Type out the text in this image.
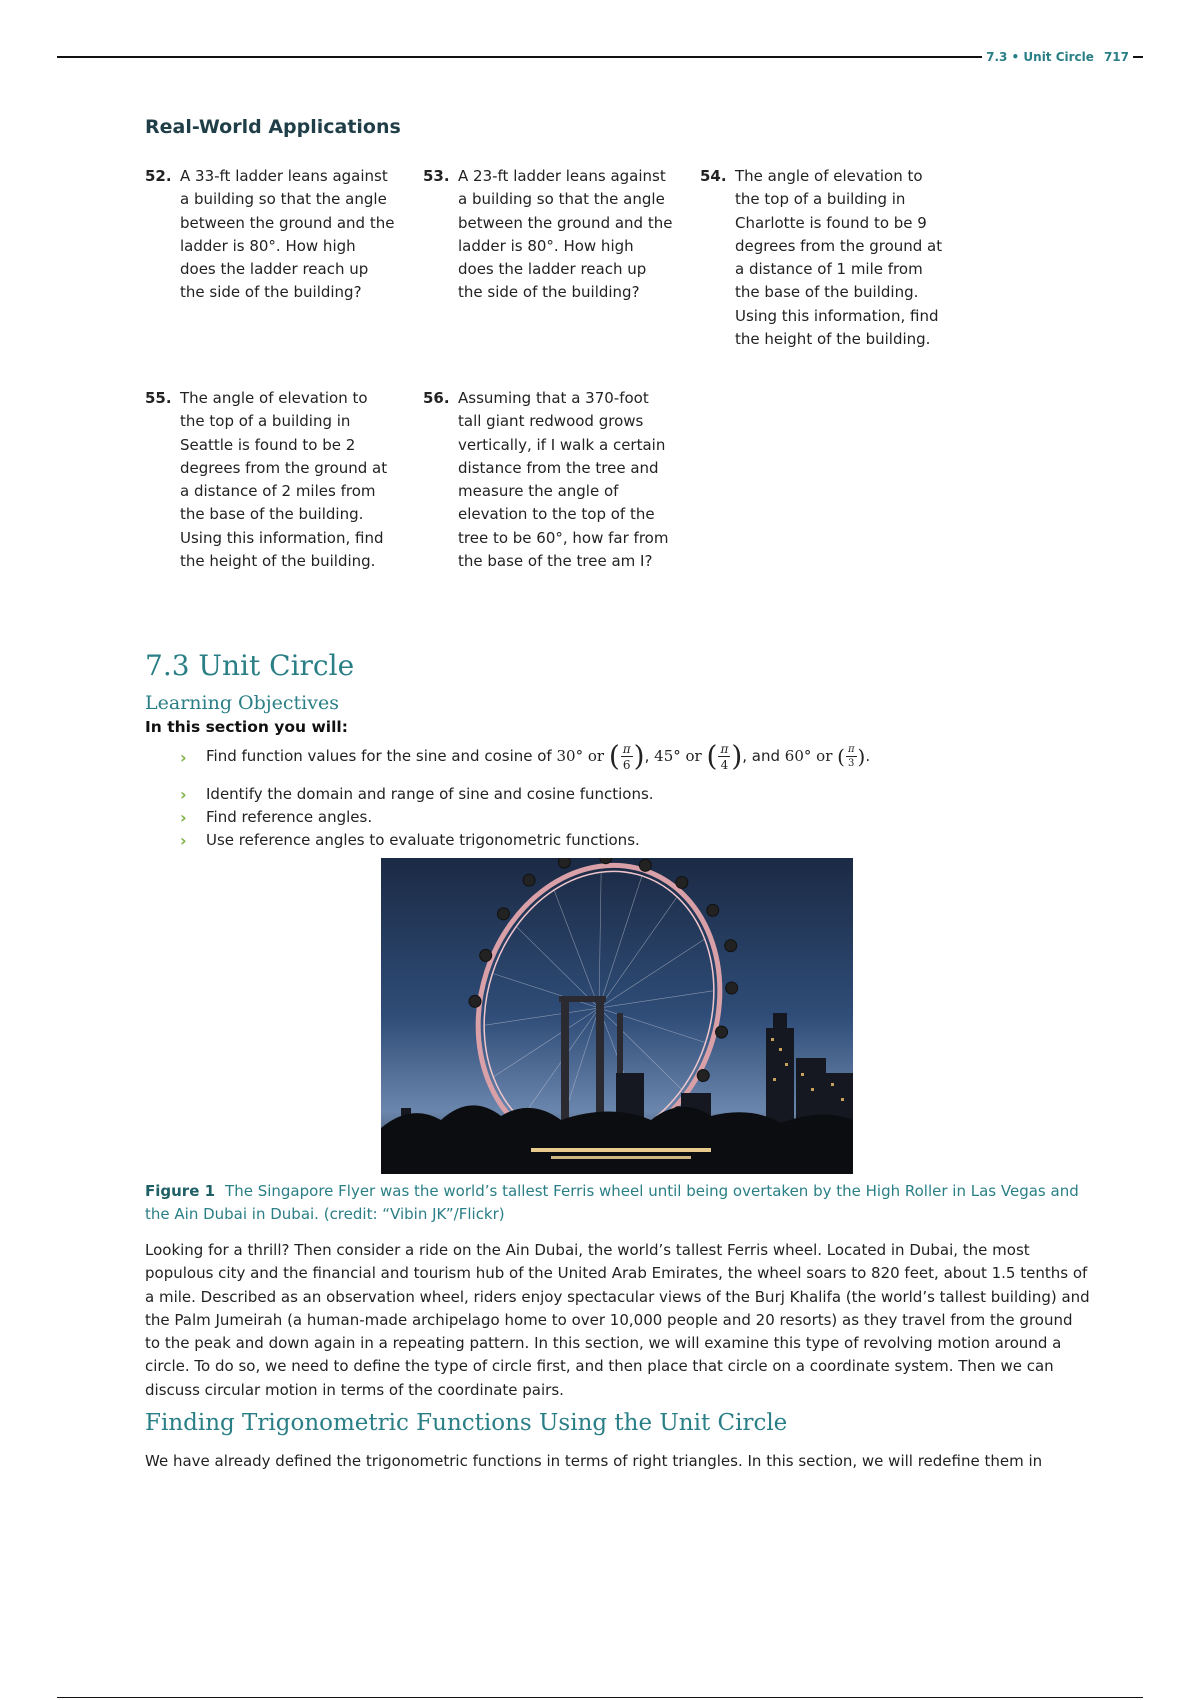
7.3 • Unit Circle 717
Real-World Applications
52. A 33-ft ladder leans against a building so that the angle between the ground and the ladder is 80°. How high does the ladder reach up the side of the building?
53. A 23-ft ladder leans against a building so that the angle between the ground and the ladder is 80°. How high does the ladder reach up the side of the building?
54. The angle of elevation to the top of a building in Charlotte is found to be 9 degrees from the ground at a distance of 1 mile from the base of the building. Using this information, find the height of the building.
55. The angle of elevation to the top of a building in Seattle is found to be 2 degrees from the ground at a distance of 2 miles from the base of the building. Using this information, find the height of the building.
56. Assuming that a 370-foot tall giant redwood grows vertically, if I walk a certain distance from the tree and measure the angle of elevation to the top of the tree to be 60°, how far from the base of the tree am I?
7.3 Unit Circle
Learning Objectives
In this section you will:
› Find function values for the sine and cosine of 30° or ( $\frac{\pi}{6}$ ), 45° or ( $\frac{\pi}{4}$ ), and 60° or ( $\frac{\pi}{3}$ ).
› Identify the domain and range of sine and cosine functions.
› Find reference angles.
› Use reference angles to evaluate trigonometric functions.
Figure 1 The Singapore Flyer was the world’s tallest Ferris wheel until being overtaken by the High Roller in Las Vegas and the Ain Dubai in Dubai. (credit: “Vibin JK”/Flickr)

Looking for a thrill? Then consider a ride on the Ain Dubai, the world’s tallest Ferris wheel. Located in Dubai, the most populous city and the financial and tourism hub of the United Arab Emirates, the wheel soars to 820 feet, about 1.5 tenths of a mile. Described as an observation wheel, riders enjoy spectacular views of the Burj Khalifa (the world’s tallest building) and the Palm Jumeirah (a human-made archipelago home to over 10,000 people and 20 resorts) as they travel from the ground to the peak and down again in a repeating pattern. In this section, we will examine this type of revolving motion around a circle. To do so, we need to define the type of circle first, and then place that circle on a coordinate system. Then we can discuss circular motion in terms of the coordinate pairs.

Finding Trigonometric Functions Using the Unit Circle

We have already defined the trigonometric functions in terms of right triangles. In this section, we will redefine them in
